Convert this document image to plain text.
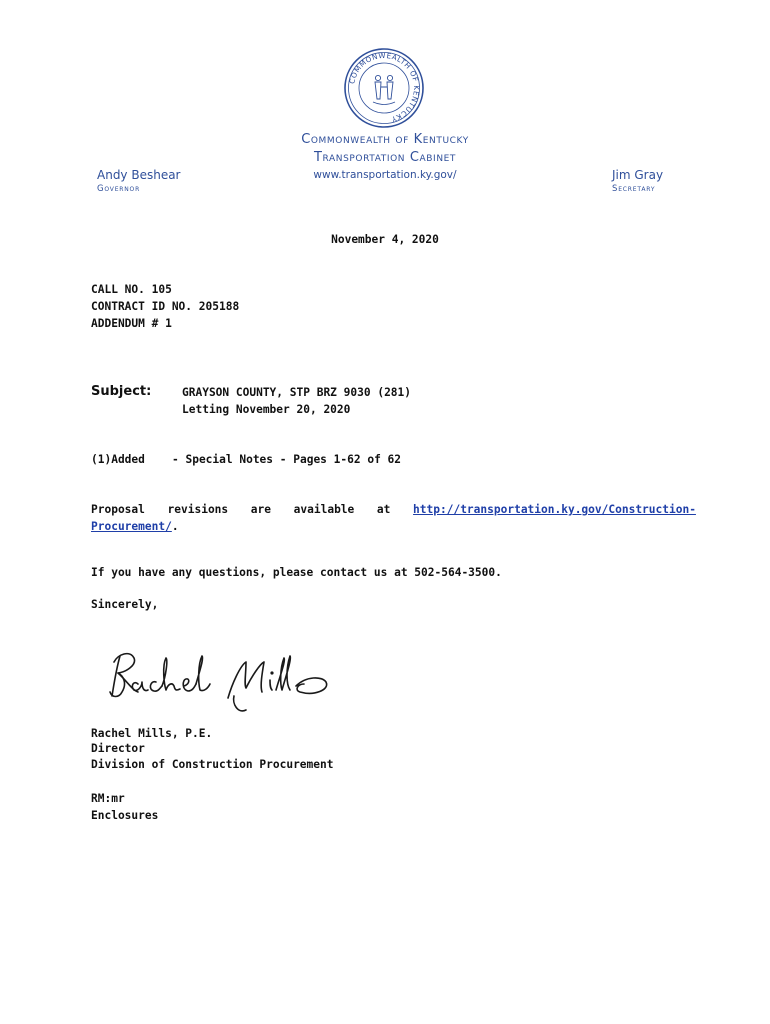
COMMONWEALTH OF KENTUCKY
Commonwealth of Kentucky
Transportation Cabinet
www.transportation.ky.gov/
Andy Beshear
Governor
Jim Gray
Secretary
November 4, 2020
CALL NO. 105
CONTRACT ID NO. 205188
ADDENDUM # 1
Subject:	GRAYSON COUNTY, STP BRZ 9030 (281)
Letting November 20, 2020
(1)Added - Special Notes - Pages 1-62 of 62
Proposal revisions are available at http://transportation.ky.gov/Construction-
Procurement/.
If you have any questions, please contact us at 502-564-3500.
Sincerely,
Rachel Mills, P.E.
Director
Division of Construction Procurement
RM:mr
Enclosures
